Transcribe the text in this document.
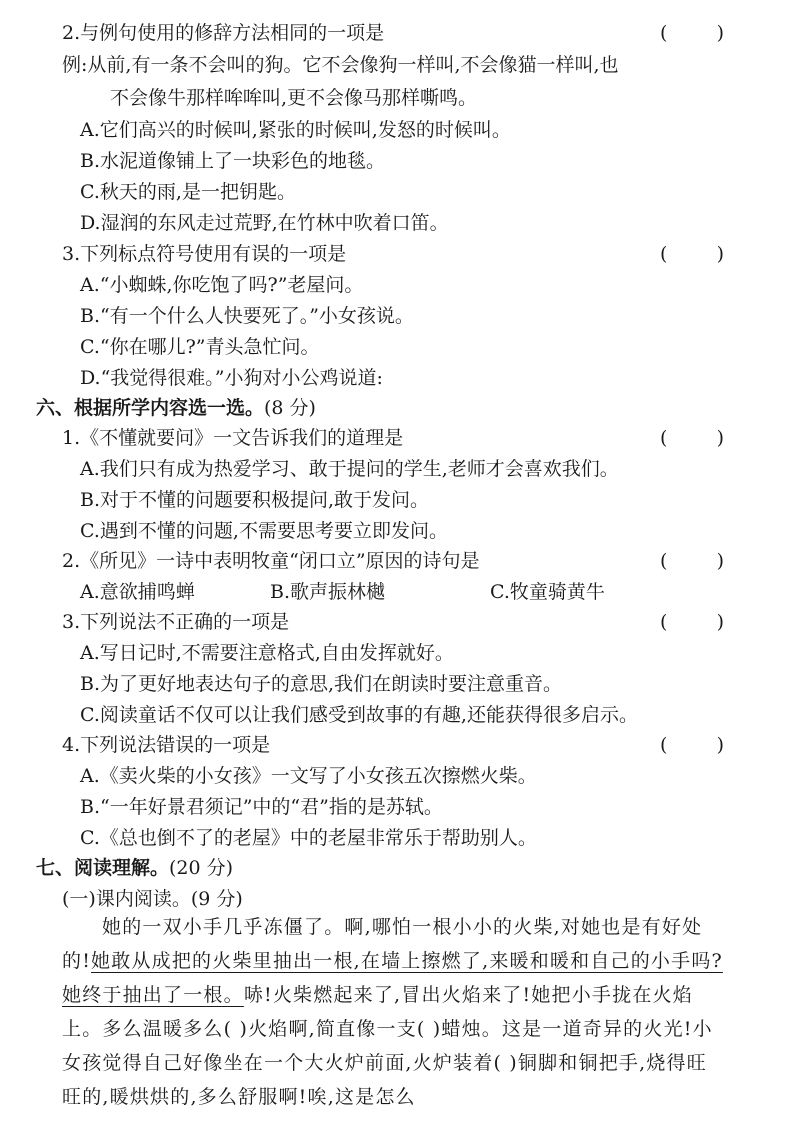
2.与例句使用的修辞方法相同的一项是	(	)
例:从前,有一条不会叫的狗。它不会像狗一样叫,不会像猫一样叫,也
不会像牛那样哞哞叫,更不会像马那样嘶鸣。
A.它们高兴的时候叫,紧张的时候叫,发怒的时候叫。
B.水泥道像铺上了一块彩色的地毯。
C.秋天的雨,是一把钥匙。
D.湿润的东风走过荒野,在竹林中吹着口笛。
3.下列标点符号使用有误的一项是	(	)
A.“小蜘蛛,你吃饱了吗?”老屋问。
B.“有一个什么人快要死了。”小女孩说。
C.“你在哪儿?”青头急忙问。
D.“我觉得很难。”小狗对小公鸡说道:
六、根据所学内容选一选。(8 分)
1.《不懂就要问》一文告诉我们的道理是	(	)
A.我们只有成为热爱学习、敢于提问的学生,老师才会喜欢我们。
B.对于不懂的问题要积极提问,敢于发问。
C.遇到不懂的问题,不需要思考要立即发问。
2.《所见》一诗中表明牧童“闭口立”原因的诗句是	(	)
A.意欲捕鸣蝉	B.歌声振林樾	C.牧童骑黄牛
3.下列说法不正确的一项是	(	)
A.写日记时,不需要注意格式,自由发挥就好。
B.为了更好地表达句子的意思,我们在朗读时要注意重音。
C.阅读童话不仅可以让我们感受到故事的有趣,还能获得很多启示。
4.下列说法错误的一项是	(	)
A.《卖火柴的小女孩》一文写了小女孩五次擦燃火柴。
B.“一年好景君须记”中的“君”指的是苏轼。
C.《总也倒不了的老屋》中的老屋非常乐于帮助别人。
七、阅读理解。(20 分)
(一)课内阅读。(9 分)
她的一双小手几乎冻僵了。啊,哪怕一根小小的火柴,对她也是有好处的!她敢从成把的火柴里抽出一根,在墙上擦燃了,来暖和暖和自己的小手吗?她终于抽出了一根。哧!火柴燃起来了,冒出火焰来了!她把小手拢在火焰上。多么温暖多么( )火焰啊,简直像一支( )蜡烛。这是一道奇异的火光!小女孩觉得自己好像坐在一个大火炉前面,火炉装着( )铜脚和铜把手,烧得旺旺的,暖烘烘的,多么舒服啊!唉,这是怎么
